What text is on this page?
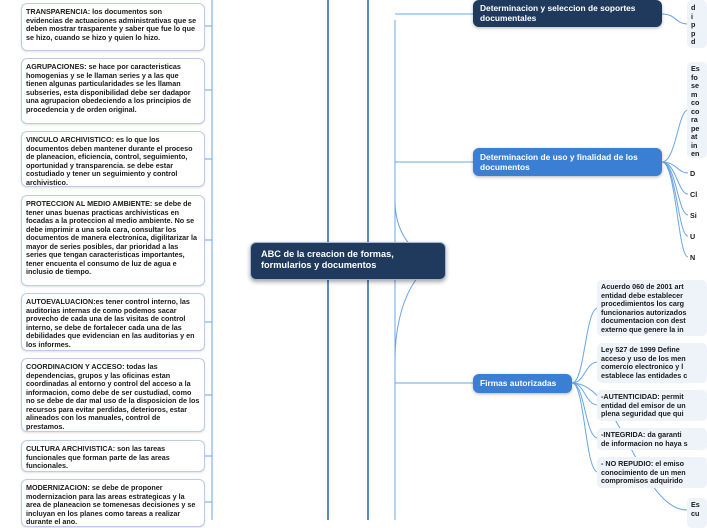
TRANSPARENCIA: los documentos son evidencias de actuaciones administrativas que se deben mostrar trasparente y saber que fue lo que se hizo, cuando se hizo y quien lo hizo.
AGRUPACIONES: se hace por caracteristicas homogenias y se le llaman series y a las que tienen algunas particularidades se les llaman subseries, esta disponibilidad debe ser dadapor una agrupacion obedeciendo a los principios de procedencia y de orden original.
VINCULO ARCHIVISTICO: es lo que los documentos deben mantener durante el proceso de planeacion, eficiencia, control, seguimiento, oportunidad y transparencia. se debe estar costudiado y tener un seguimiento y control archivistico.
PROTECCION AL MEDIO AMBIENTE: se debe de tener unas buenas practicas archivisticas en focadas a la proteccion al medio ambiente. No se debe imprimir a una sola cara, consultar los documentos de manera electronica, digilitarizar la mayor de series posibles, dar prioridad a las series que tengan caracteristicas importantes, tener encuenta el consumo de luz de agua e inclusio de tiempo.
AUTOEVALUACION:es tener control interno, las auditorias internas de como podemos sacar provecho de cada una de las visitas de control interno, se debe de fortalecer cada una de las debilidades que evidencian en las auditorias y en los informes.
COORDINACION Y ACCESO: todas las dependencias, grupos y las oficinas estan coordinadas al entorno y control del acceso a la informacion, como debe de ser custudiad, como no se debe de dar mal uso de la disposicion de los recursos para evitar perdidas, deterioros, estar alineados con los manuales, control de prestamos.
CULTURA ARCHIVISTICA: son las tareas funcionales que forman parte de las areas funcionales.
MODERNIZACION: se debe de proponer modernizacion para las areas estrategicas y la area de planeacion se tomenesas decisiones y se incluyan en los planes como tareas a realizar durante el ano.
ABC de la creacion de formas, formularios y documentos
Determinacion y seleccion de soportes documentales
Determinacion de uso y finalidad de los documentos
Firmas autorizadas
d
i
p
p
d
Es
fo
se
m
co
co
ra
pe
at
in
en
D
Cl
Si
U
N
Acuerdo 060 de 2001 art
entidad debe establecer
procedimientos los carg
funcionarios autorizados
documentacion con dest
externo que genere la in
Ley 527 de 1999 Define
acceso y uso de los men
comercio electronico y l
establece las entidades c
-AUTENTICIDAD: permit
entidad del emisor de un
plena seguridad que qui
-INTEGRIDA: da garanti
de informacion no haya s
- NO REPUDIO: el emiso
conocimiento de un men
compromisos adquirido
Es
cu
